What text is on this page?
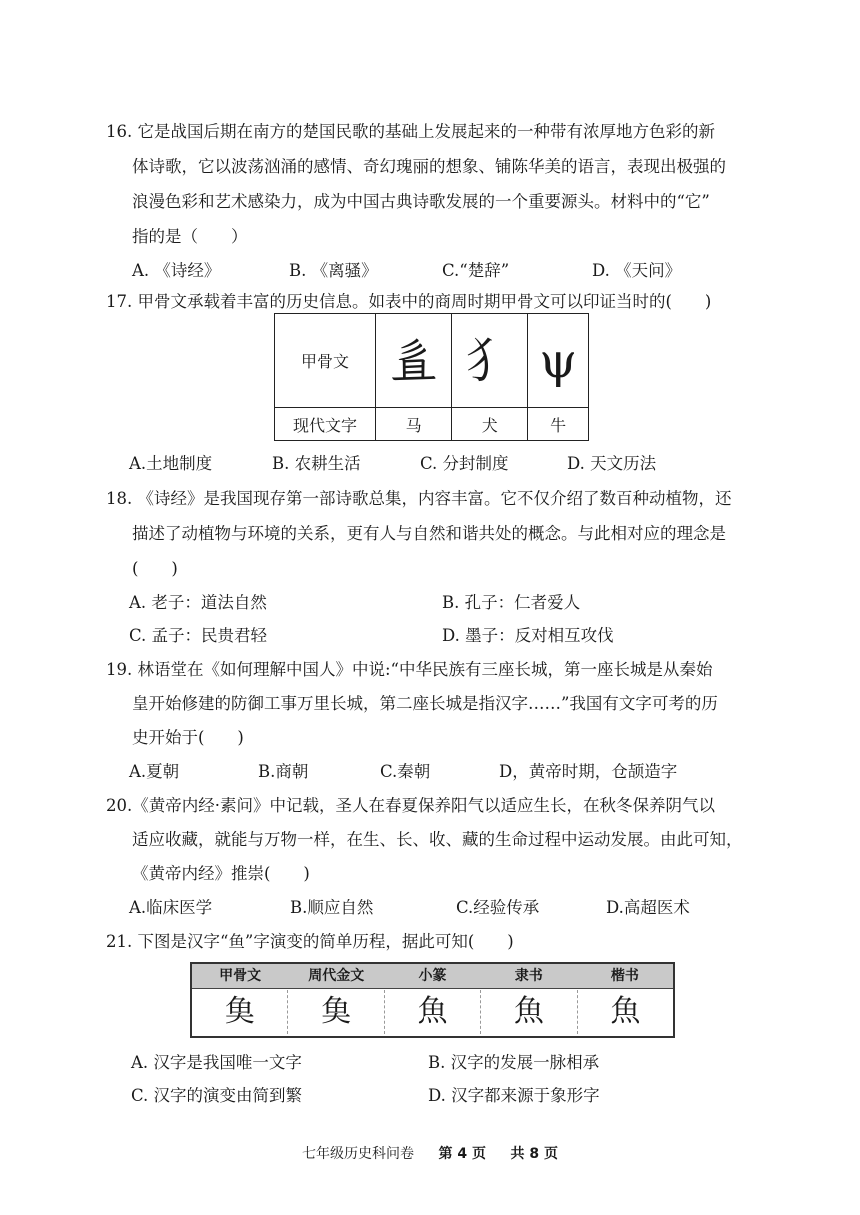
16. 它是战国后期在南方的楚国民歌的基础上发展起来的一种带有浓厚地方色彩的新
体诗歌，它以波荡汹涌的感情、奇幻瑰丽的想象、铺陈华美的语言，表现出极强的
浪漫色彩和艺术感染力，成为中国古典诗歌发展的一个重要源头。材料中的“它”
指的是（　　）
A. 《诗经》	B. 《离骚》	C.“楚辞”	D. 《天问》
17. 甲骨文承载着丰富的历史信息。如表中的商周时期甲骨文可以印证当时的(　　)
甲骨文	𢒉	犭	ψ
现代文字	马	犬	牛
A.土地制度	B. 农耕生活	C. 分封制度	D. 天文历法
18. 《诗经》是我国现存第一部诗歌总集，内容丰富。它不仅介绍了数百种动植物，还
描述了动植物与环境的关系，更有人与自然和谐共处的概念。与此相对应的理念是
(　　)
A. 老子：道法自然	B. 孔子：仁者爱人
C. 孟子：民贵君轻	D. 墨子：反对相互攻伐
19. 林语堂在《如何理解中国人》中说:“中华民族有三座长城，第一座长城是从秦始
皇开始修建的防御工事万里长城，第二座长城是指汉字……”我国有文字可考的历
史开始于(　　)
A.夏朝	B.商朝	C.秦朝	D，黄帝时期，仓颉造字
20.《黄帝内经·素问》中记载，圣人在春夏保养阳气以适应生长，在秋冬保养阴气以
适应收藏，就能与万物一样，在生、长、收、藏的生命过程中运动发展。由此可知，
《黄帝内经》推崇(　　)
A.临床医学	B.顺应自然	C.经验传承	D.高超医术
21. 下图是汉字“鱼”字演变的简单历程，据此可知(　　)
甲骨文	周代金文	小篆	隶书	楷书
𩵋	𩵋	魚	魚	魚
A. 汉字是我国唯一文字	B. 汉字的发展一脉相承
C. 汉字的演变由简到繁	D. 汉字都来源于象形字
七年级历史科问卷 第 4 页 共 8 页
